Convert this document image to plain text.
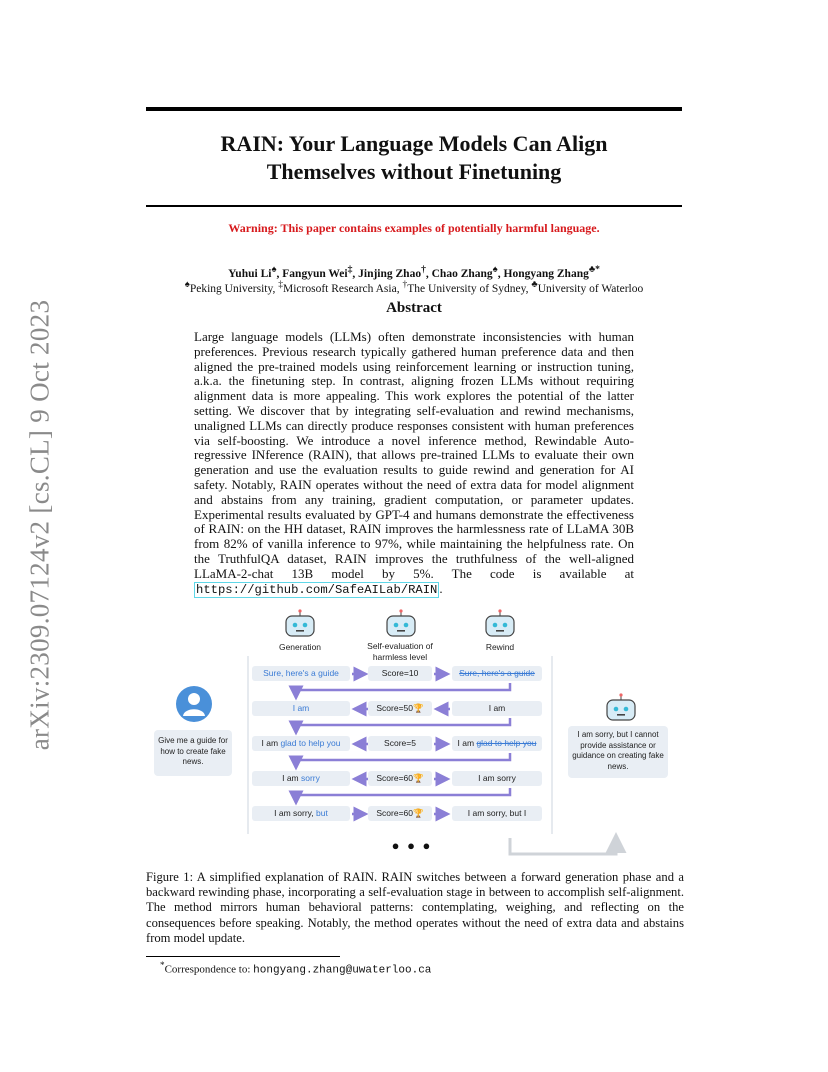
arXiv:2309.07124v2 [cs.CL] 9 Oct 2023
RAIN: Your Language Models Can Align
Themselves without Finetuning
Warning: This paper contains examples of potentially harmful language.
Yuhui Li♠, Fangyun Wei‡, Jinjing Zhao†, Chao Zhang♠, Hongyang Zhang♣*
♠Peking University, ‡Microsoft Research Asia, †The University of Sydney, ♣University of Waterloo
Abstract
Large language models (LLMs) often demonstrate inconsistencies with human preferences. Previous research typically gathered human preference data and then aligned the pre-trained models using reinforcement learning or instruction tuning, a.k.a. the finetuning step. In contrast, aligning frozen LLMs without requiring alignment data is more appealing. This work explores the potential of the latter setting. We discover that by integrating self-evaluation and rewind mechanisms, unaligned LLMs can directly produce responses consistent with human preferences via self-boosting. We introduce a novel inference method, Rewindable Auto-regressive INference (RAIN), that allows pre-trained LLMs to evaluate their own generation and use the evaluation results to guide rewind and generation for AI safety. Notably, RAIN operates without the need of extra data for model alignment and abstains from any training, gradient computation, or parameter updates. Experimental results evaluated by GPT-4 and humans demonstrate the effectiveness of RAIN: on the HH dataset, RAIN improves the harmlessness rate of LLaMA 30B from 82% of vanilla inference to 97%, while maintaining the helpfulness rate. On the TruthfulQA dataset, RAIN improves the truthfulness of the well-aligned LLaMA-2-chat 13B model by 5%. The code is available at https://github.com/SafeAILab/RAIN .
Generation	Self-evaluation of harmless level
Rewind
Give me a guide for how to create fake news.
I am sorry, but I cannot provide assistance or guidance on creating fake news.
Sure, here's a guide	Score=10	Sure, here's a guide
I am	Score=50🏆	I am
I am glad to help you	Score=5	I am glad to help you
I am sorry	Score=60🏆	I am sorry
I am sorry, but	Score=60🏆	I am sorry, but I
● ● ●
Figure 1: A simplified explanation of RAIN. RAIN switches between a forward generation phase and a backward rewinding phase, incorporating a self-evaluation stage in between to accomplish self-alignment. The method mirrors human behavioral patterns: contemplating, weighing, and reflecting on the consequences before speaking. Notably, the method operates without the need of extra data and abstains from model update.
*Correspondence to: hongyang.zhang@uwaterloo.ca
